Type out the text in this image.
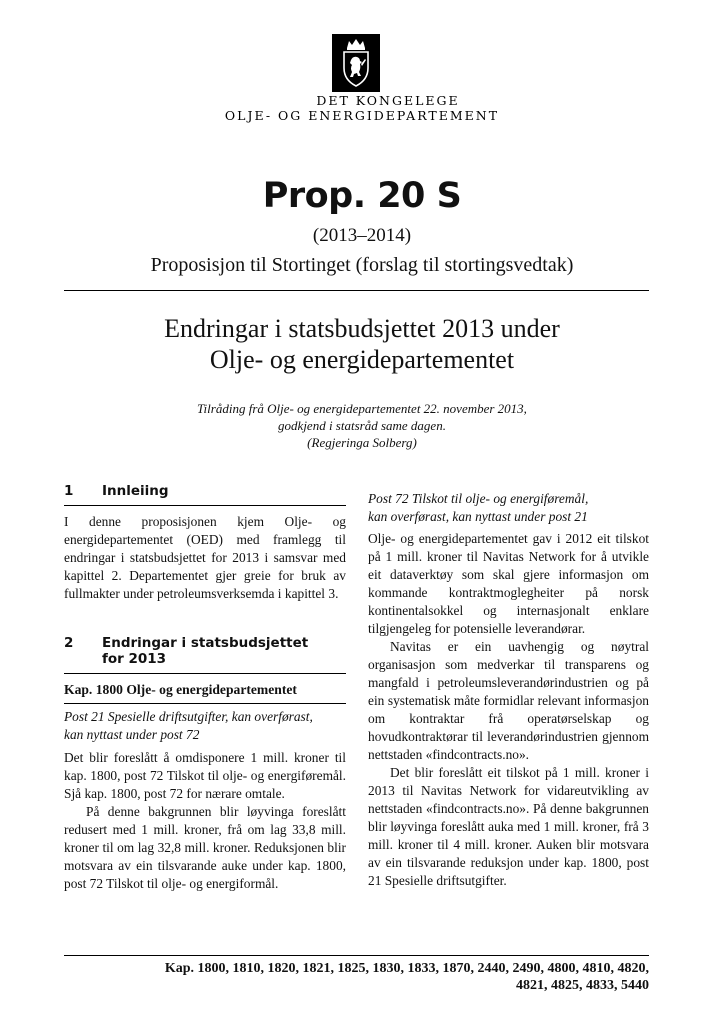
DET KONGELEGE
OLJE- OG ENERGIDEPARTEMENT
Prop. 20 S
(2013–2014)
Proposisjon til Stortinget (forslag til stortingsvedtak)
Endringar i statsbudsjettet 2013 under
Olje- og energidepartementet
Tilråding frå Olje- og energidepartementet 22. november 2013,
godkjend i statsråd same dagen.
(Regjeringa Solberg)
1	Innleiing

I denne proposisjonen kjem Olje- og energidepartementet (OED) med framlegg til endringar i statsbudsjettet for 2013 i samsvar med kapittel 2. Departementet gjer greie for bruk av fullmakter under petroleumsverksemda i kapittel 3.

2	Endringar i statsbudsjettet
for 2013
Kap. 1800 Olje- og energidepartementet
Post 21 Spesielle driftsutgifter, kan overførast,
kan nyttast under post 72

Det blir foreslått å omdisponere 1 mill. kroner til kap. 1800, post 72 Tilskot til olje- og energiføremål. Sjå kap. 1800, post 72 for nærare omtale.

På denne bakgrunnen blir løyvinga foreslått redusert med 1 mill. kroner, frå om lag 33,8 mill. kroner til om lag 32,8 mill. kroner. Reduksjonen blir motsvara av ein tilsvarande auke under kap. 1800, post 72 Tilskot til olje- og energiformål.

Post 72 Tilskot til olje- og energiføremål,
kan overførast, kan nyttast under post 21

Olje- og energidepartementet gav i 2012 eit tilskot på 1 mill. kroner til Navitas Network for å utvikle eit dataverktøy som skal gjere informasjon om kommande kontraktmoglegheiter på norsk kontinentalsokkel og internasjonalt enklare tilgjengeleg for potensielle leverandørar.

Navitas er ein uavhengig og nøytral organisasjon som medverkar til transparens og mangfald i petroleumsleverandørindustrien og på ein systematisk måte formidlar relevant informasjon om kontraktar frå operatørselskap og hovudkontraktørar til leverandørindustrien gjennom nettstaden «findcontracts.no».

Det blir foreslått eit tilskot på 1 mill. kroner i 2013 til Navitas Network for vidareutvikling av nettstaden «findcontracts.no». På denne bakgrunnen blir løyvinga foreslått auka med 1 mill. kroner, frå 3 mill. kroner til 4 mill. kroner. Auken blir motsvara av ein tilsvarande reduksjon under kap. 1800, post 21 Spesielle driftsutgifter.

Kap. 1800, 1810, 1820, 1821, 1825, 1830, 1833, 1870, 2440, 2490, 4800, 4810, 4820,
4821, 4825, 4833, 5440
